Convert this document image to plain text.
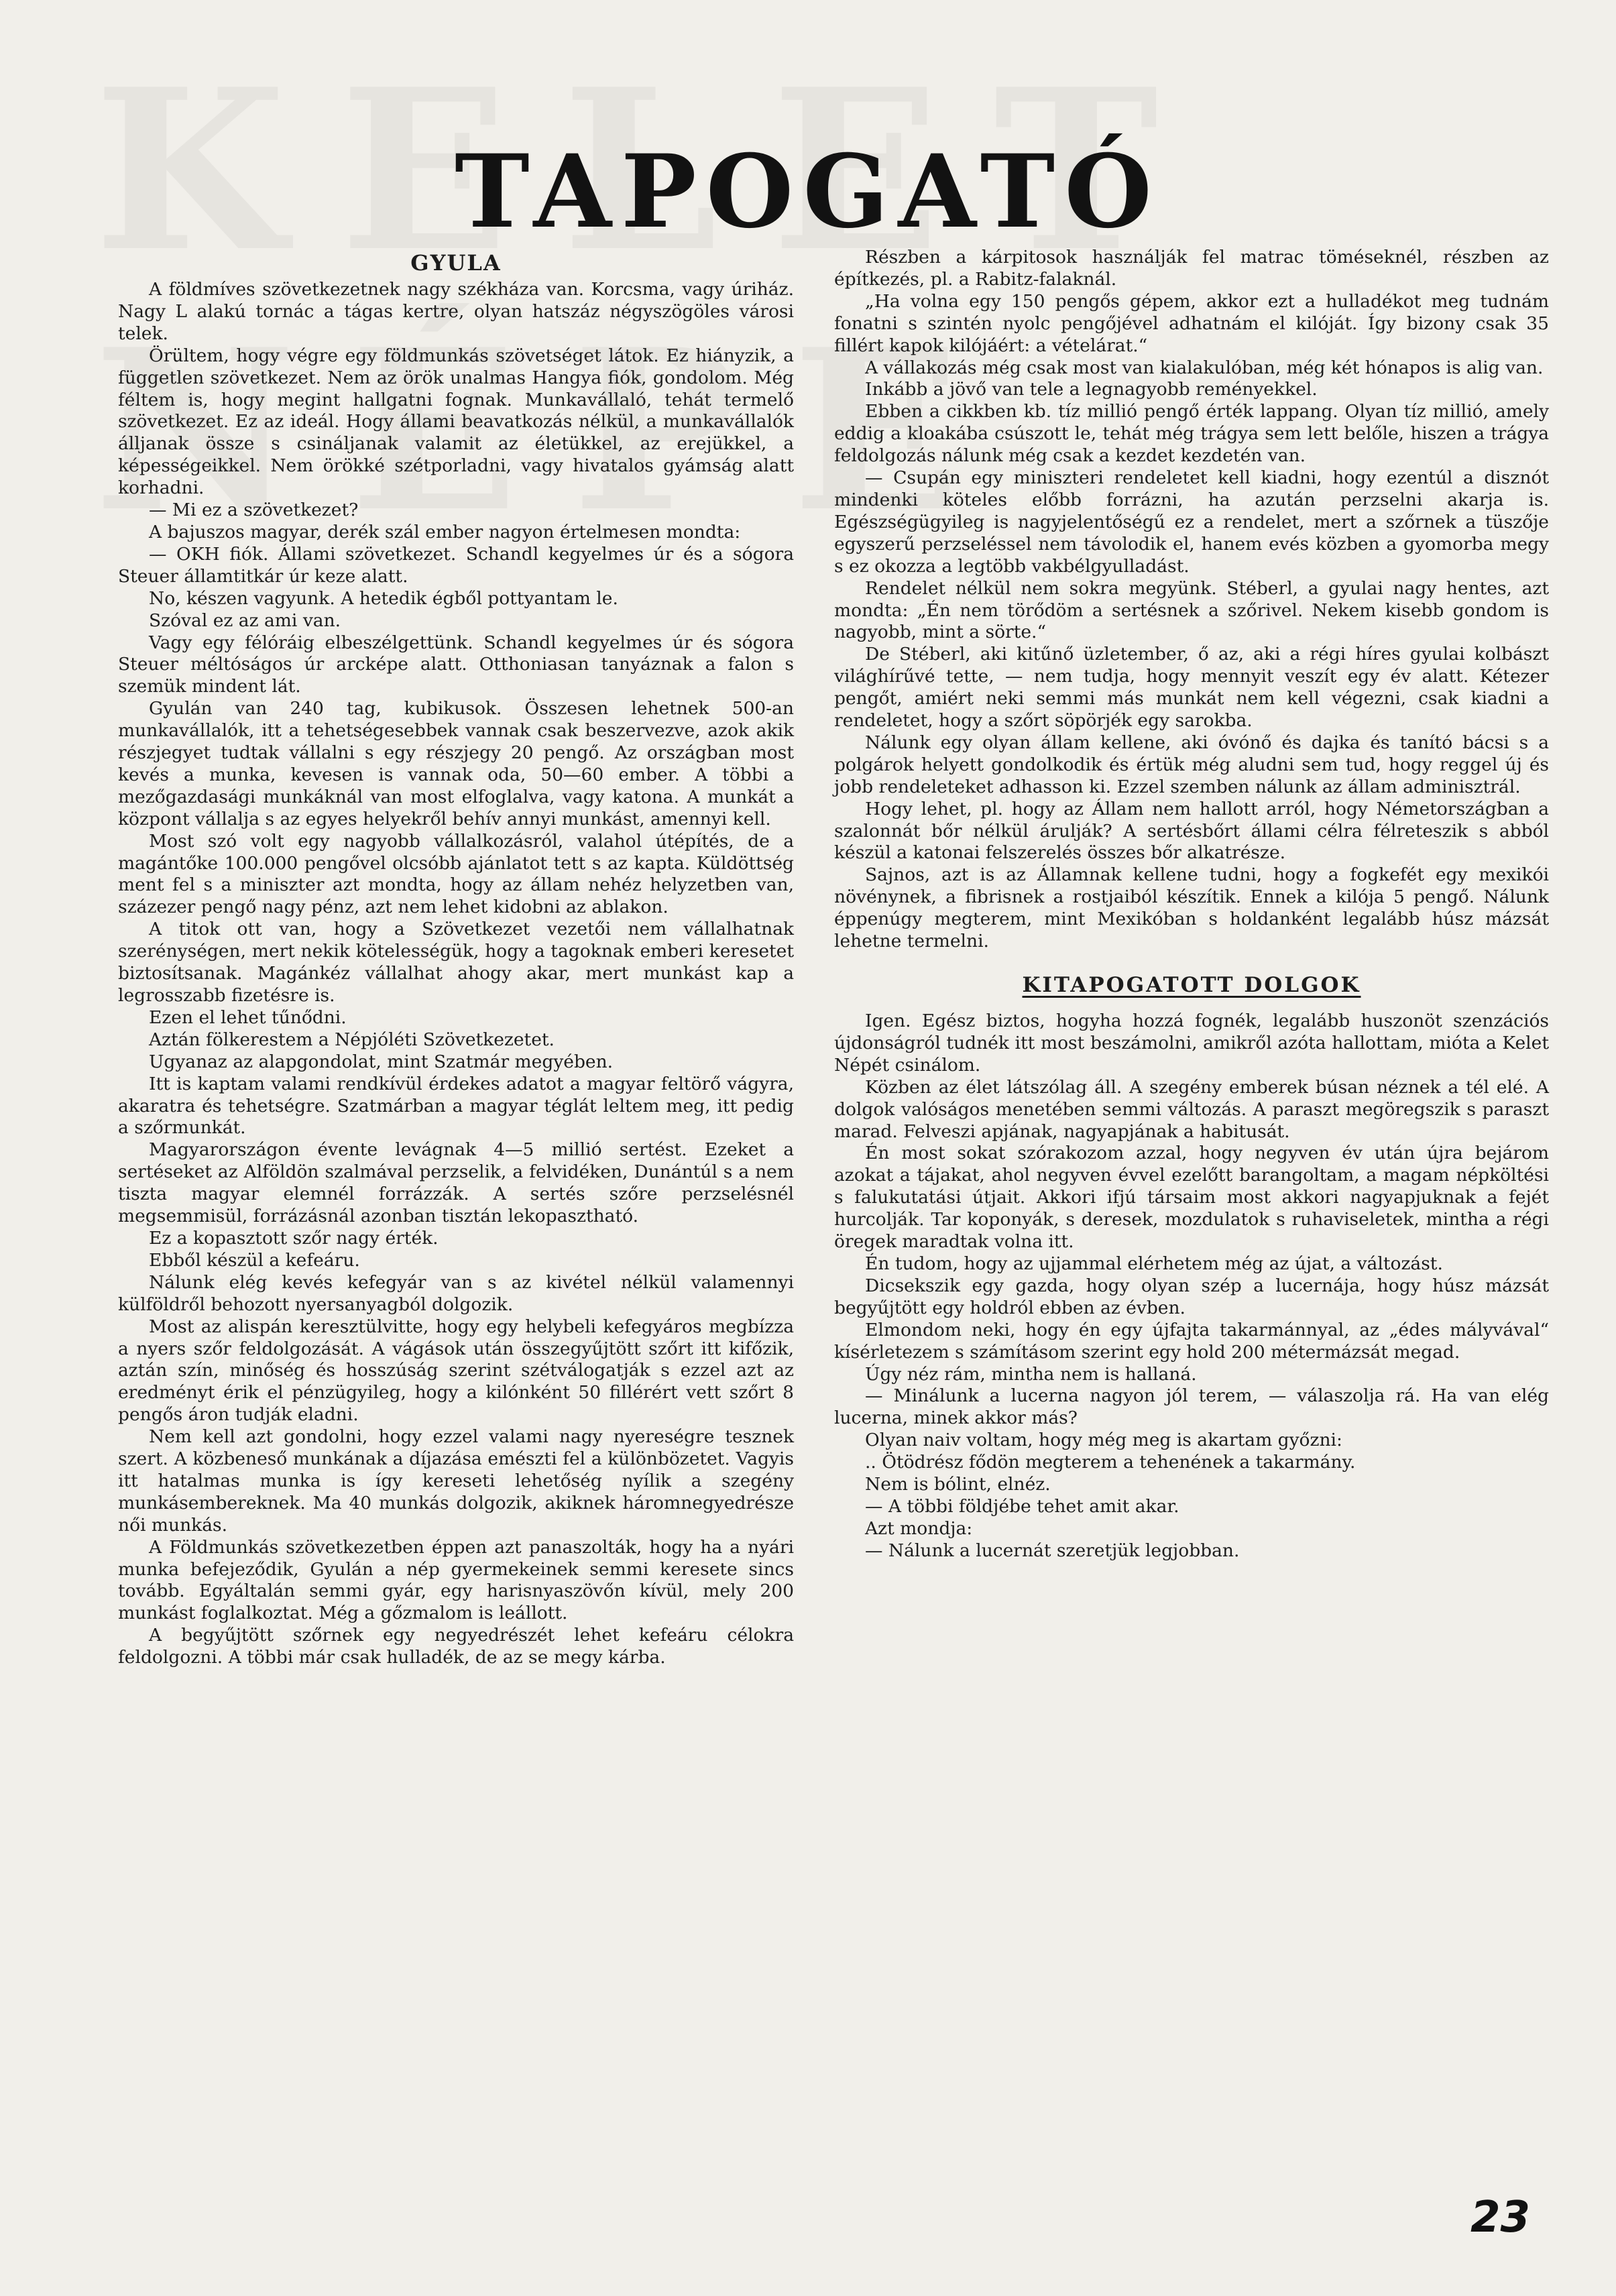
TAPOGATÓ
GYULA

A földmíves szövetkezetnek nagy székháza van. Korcsma, vagy úriház. Nagy L alakú tornác a tágas kertre, olyan hatszáz négyszögöles városi telek.

Örültem, hogy végre egy földmunkás szövetséget látok. Ez hiányzik, a független szövetkezet. Nem az örök unalmas Hangya fiók, gondolom. Még féltem is, hogy megint hallgatni fognak. Munkavállaló, tehát termelő szövetkezet. Ez az ideál. Hogy állami beavatkozás nélkül, a munkavállalók álljanak össze s csináljanak valamit az életükkel, az erejükkel, a képességeikkel. Nem örökké szétporladni, vagy hivatalos gyámság alatt korhadni.

— Mi ez a szövetkezet?

A bajuszos magyar, derék szál ember nagyon értelmesen mondta:

— OKH fiók. Állami szövetkezet. Schandl kegyelmes úr és a sógora Steuer államtitkár úr keze alatt.

No, készen vagyunk. A hetedik égből pottyantam le.

Szóval ez az ami van.

Vagy egy félóráig elbeszélgettünk. Schandl kegyelmes úr és sógora Steuer méltóságos úr arcképe alatt. Otthoniasan tanyáznak a falon s szemük mindent lát.

Gyulán van 240 tag, kubikusok. Összesen lehetnek 500-an munkavállalók, itt a tehetségesebbek vannak csak beszervezve, azok akik részjegyet tudtak vállalni s egy részjegy 20 pengő. Az országban most kevés a munka, kevesen is vannak oda, 50—60 ember. A többi a mezőgazdasági munkáknál van most elfoglalva, vagy katona. A munkát a központ vállalja s az egyes helyekről behív annyi munkást, amennyi kell.

Most szó volt egy nagyobb vállalkozásról, valahol útépítés, de a magántőke 100.000 pengővel olcsóbb ajánlatot tett s az kapta. Küldöttség ment fel s a miniszter azt mondta, hogy az állam nehéz helyzetben van, százezer pengő nagy pénz, azt nem lehet kidobni az ablakon.

A titok ott van, hogy a Szövetkezet vezetői nem vállalhatnak szerénységen, mert nekik kötelességük, hogy a tagoknak emberi keresetet biztosítsanak. Magánkéz vállalhat ahogy akar, mert munkást kap a legrosszabb fizetésre is.

Ezen el lehet tűnődni.

Aztán fölkerestem a Népjóléti Szövetkezetet.

Ugyanaz az alapgondolat, mint Szatmár megyében.

Itt is kaptam valami rendkívül érdekes adatot a magyar feltörő vágyra, akaratra és tehetségre. Szatmárban a magyar téglát leltem meg, itt pedig a szőrmunkát.

Magyarországon évente levágnak 4—5 millió sertést. Ezeket a sertéseket az Alföldön szalmával perzselik, a felvidéken, Dunántúl s a nem tiszta magyar elemnél forrázzák. A sertés szőre perzselésnél megsemmisül, forrázásnál azonban tisztán lekopasztható.

Ez a kopasztott szőr nagy érték.

Ebből készül a kefeáru.

Nálunk elég kevés kefegyár van s az kivétel nélkül valamennyi külföldről behozott nyersanyagból dolgozik.

Most az alispán keresztülvitte, hogy egy helybeli kefegyáros megbízza a nyers szőr feldolgozását. A vágások után összegyűjtött szőrt itt kifőzik, aztán szín, minőség és hosszúság szerint szétválogatják s ezzel azt az eredményt érik el pénzügyileg, hogy a kilónként 50 fillérért vett szőrt 8 pengős áron tudják eladni.

Nem kell azt gondolni, hogy ezzel valami nagy nyereségre tesznek szert. A közbeneső munkának a díjazása emészti fel a különbözetet. Vagyis itt hatalmas munka is így kereseti lehetőség nyílik a szegény munkásembereknek. Ma 40 munkás dolgozik, akiknek háromnegyedrésze női munkás.

A Földmunkás szövetkezetben éppen azt panaszolták, hogy ha a nyári munka befejeződik, Gyulán a nép gyermekeinek semmi keresete sincs tovább. Egyáltalán semmi gyár, egy harisnyaszövőn kívül, mely 200 munkást foglalkoztat. Még a gőzmalom is leállott.

A begyűjtött szőrnek egy negyedrészét lehet kefeáru célokra feldolgozni. A többi már csak hulladék, de az se megy kárba.

Részben a kárpitosok használják fel matrac töméseknél, részben az építkezés, pl. a Rabitz-falaknál.

„Ha volna egy 150 pengős gépem, akkor ezt a hulladékot meg tudnám fonatni s szintén nyolc pengőjével adhatnám el kilóját. Így bizony csak 35 fillért kapok kilójáért: a vételárat.“

A vállakozás még csak most van kialakulóban, még két hónapos is alig van.

Inkább a jövő van tele a legnagyobb reményekkel.

Ebben a cikkben kb. tíz millió pengő érték lappang. Olyan tíz millió, amely eddig a kloakába csúszott le, tehát még trágya sem lett belőle, hiszen a trágya feldolgozás nálunk még csak a kezdet kezdetén van.

— Csupán egy miniszteri rendeletet kell kiadni, hogy ezentúl a disznót mindenki köteles előbb forrázni, ha azután perzselni akarja is. Egészségügyileg is nagyjelentőségű ez a rendelet, mert a szőrnek a tüszője egyszerű perzseléssel nem távolodik el, hanem evés közben a gyomorba megy s ez okozza a legtöbb vakbélgyulladást.

Rendelet nélkül nem sokra megyünk. Stéberl, a gyulai nagy hentes, azt mondta: „Én nem törődöm a sertésnek a szőrivel. Nekem kisebb gondom is nagyobb, mint a sörte.“

De Stéberl, aki kitűnő üzletember, ő az, aki a régi híres gyulai kolbászt világhírűvé tette, — nem tudja, hogy mennyit veszít egy év alatt. Kétezer pengőt, amiért neki semmi más munkát nem kell végezni, csak kiadni a rendeletet, hogy a szőrt söpörjék egy sarokba.

Nálunk egy olyan állam kellene, aki óvónő és dajka és tanító bácsi s a polgárok helyett gondolkodik és értük még aludni sem tud, hogy reggel új és jobb rendeleteket adhasson ki. Ezzel szemben nálunk az állam adminisztrál.

Hogy lehet, pl. hogy az Állam nem hallott arról, hogy Németországban a szalonnát bőr nélkül árulják? A sertésbőrt állami célra félreteszik s abból készül a katonai felszerelés összes bőr alkatrésze.

Sajnos, azt is az Államnak kellene tudni, hogy a fogkefét egy mexikói növénynek, a fibrisnek a rostjaiból készítik. Ennek a kilója 5 pengő. Nálunk éppenúgy megterem, mint Mexikóban s holdanként legalább húsz mázsát lehetne termelni.

KITAPOGATOTT DOLGOK

Igen. Egész biztos, hogyha hozzá fognék, legalább huszonöt szenzációs újdonságról tudnék itt most beszámolni, amikről azóta hallottam, mióta a Kelet Népét csinálom.

Közben az élet látszólag áll. A szegény emberek búsan néznek a tél elé. A dolgok valóságos menetében semmi változás. A paraszt megöregszik s paraszt marad. Felveszi apjának, nagyapjának a habitusát.

Én most sokat szórakozom azzal, hogy negyven év után újra bejárom azokat a tájakat, ahol negyven évvel ezelőtt barangoltam, a magam népköltési s falukutatási útjait. Akkori ifjú társaim most akkori nagyapjuknak a fejét hurcolják. Tar koponyák, s deresek, mozdulatok s ruhaviseletek, mintha a régi öregek maradtak volna itt.

Én tudom, hogy az ujjammal elérhetem még az újat, a változást.

Dicsekszik egy gazda, hogy olyan szép a lucernája, hogy húsz mázsát begyűjtött egy holdról ebben az évben.

Elmondom neki, hogy én egy újfajta takarmánnyal, az „édes mályvával“ kísérletezem s számításom szerint egy hold 200 métermázsát megad.

Úgy néz rám, mintha nem is hallaná.

— Minálunk a lucerna nagyon jól terem, — válaszolja rá. Ha van elég lucerna, minek akkor más?

Olyan naiv voltam, hogy még meg is akartam győzni:

.. Ötödrész fődön megterem a tehenének a takarmány.

Nem is bólint, elnéz.

— A többi földjébe tehet amit akar.

Azt mondja:

— Nálunk a lucernát szeretjük legjobban.

23
